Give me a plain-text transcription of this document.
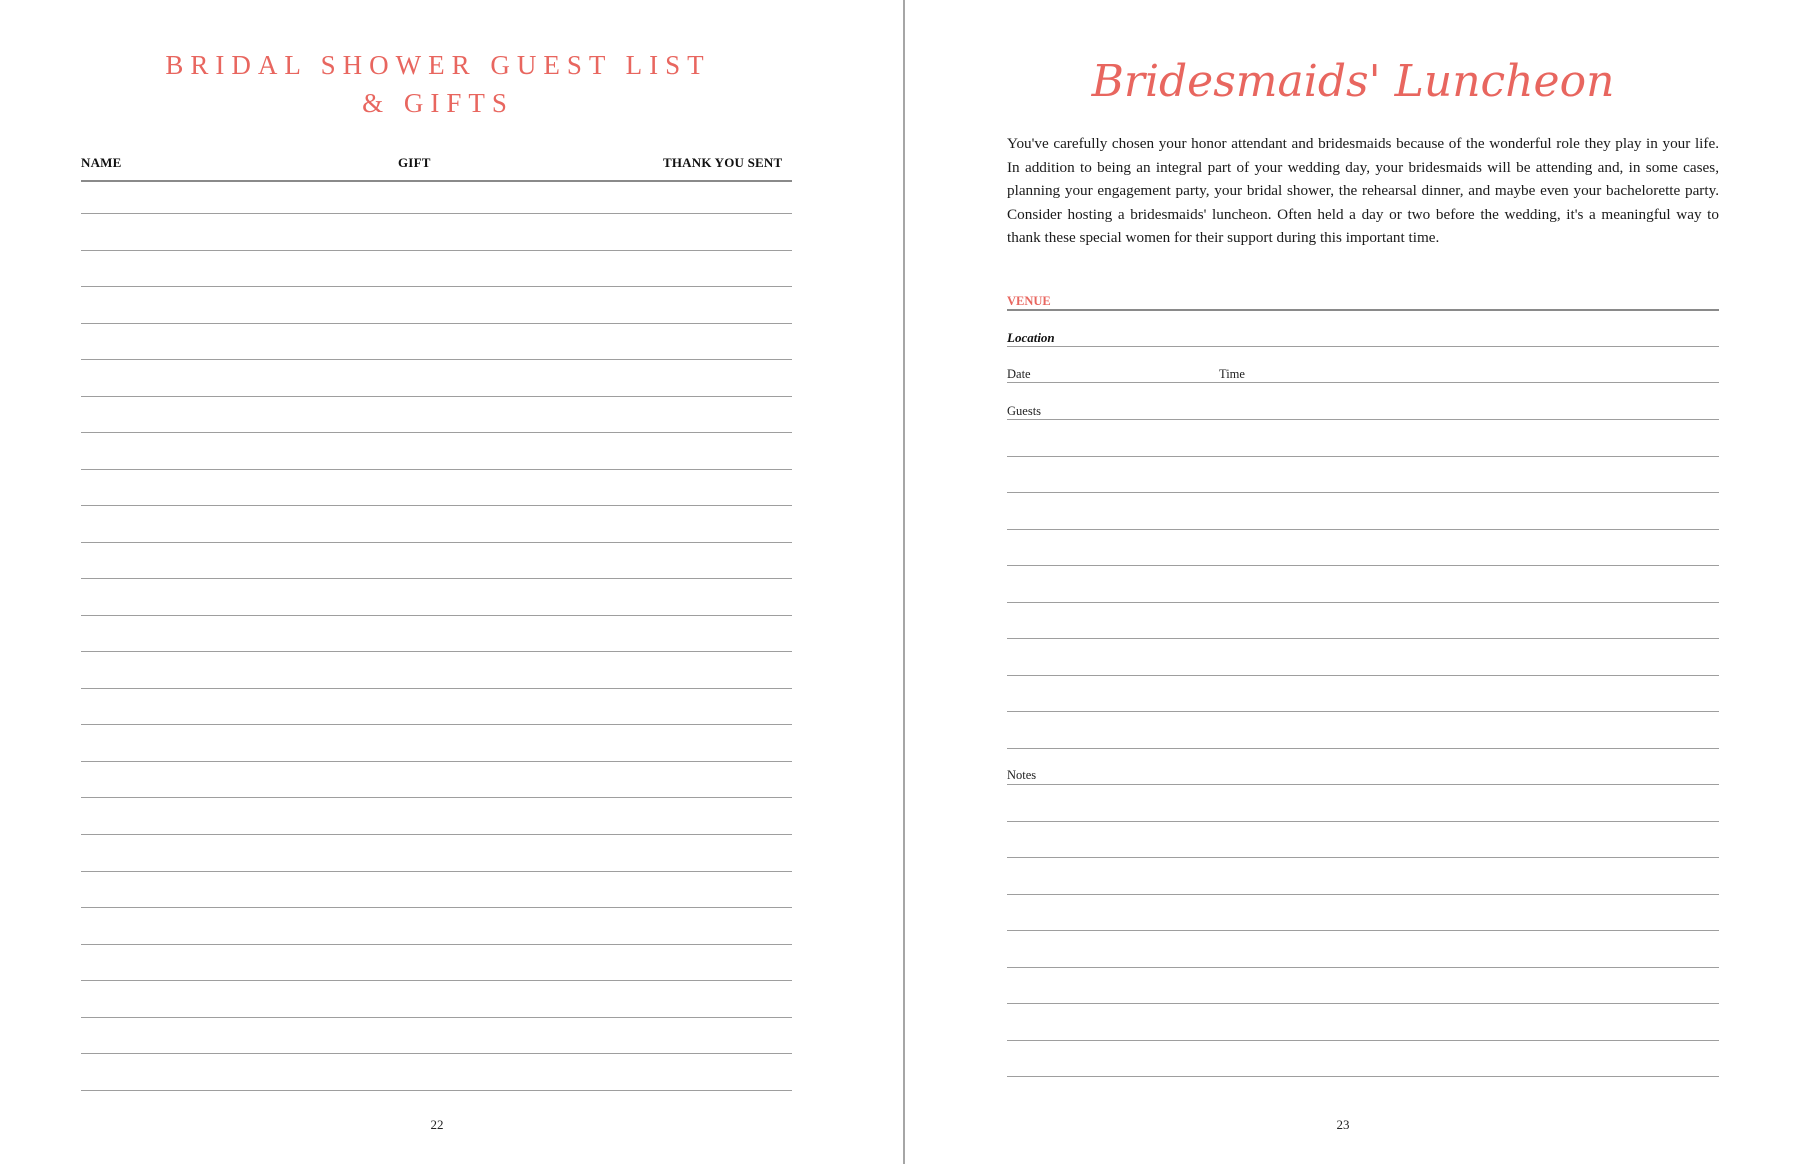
BRIDAL SHOWER GUEST LIST
& GIFTS
NAME	GIFT	THANK YOU SENT
22
Bridesmaids' Luncheon
You've carefully chosen your honor attendant and bridesmaids because of the wonderful role they play in your life. In addition to being an integral part of your wedding day, your bridesmaids will be attending and, in some cases, planning your engagement party, your bridal shower, the rehearsal dinner, and maybe even your bachelorette party. Consider hosting a bridesmaids' luncheon. Often held a day or two before the wedding, it's a meaningful way to thank these special women for their support during this important time.
VENUE
Location
Date	Time
Guests
Notes
23
